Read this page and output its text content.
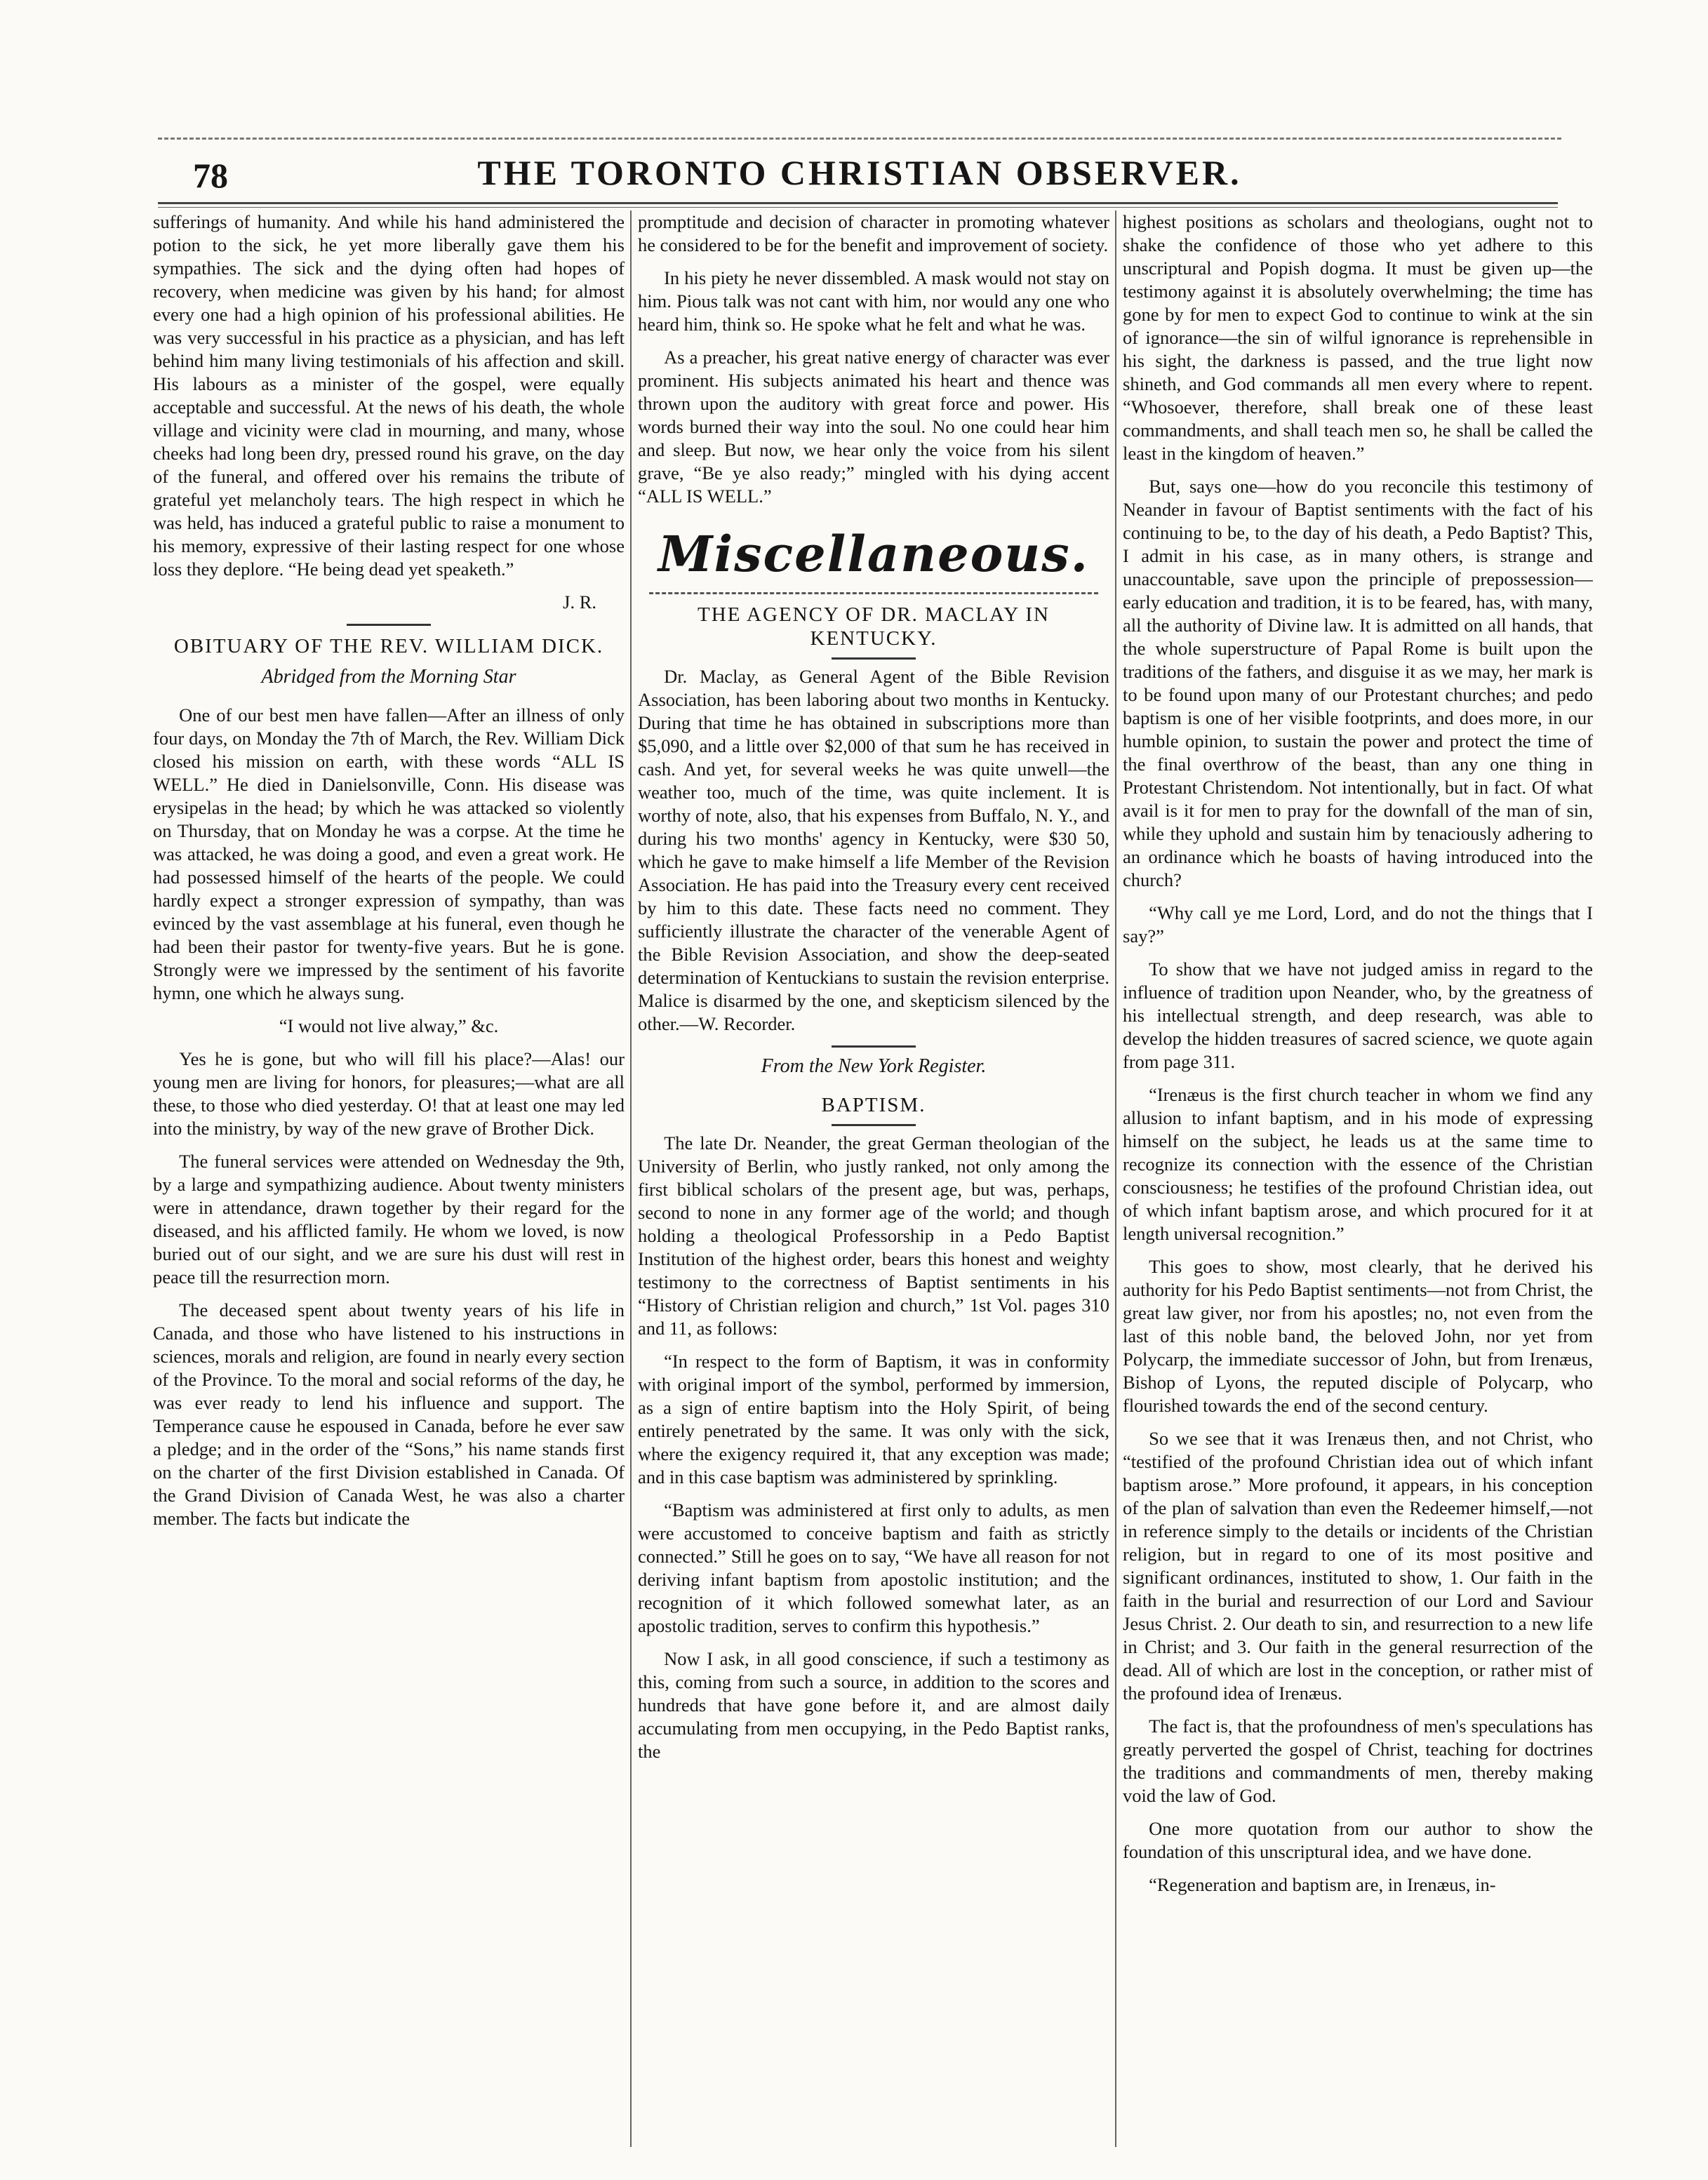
78	THE TORONTO CHRISTIAN OBSERVER.

sufferings of humanity. And while his hand administered the potion to the sick, he yet more liberally gave them his sympathies. The sick and the dying often had hopes of recovery, when medicine was given by his hand; for almost every one had a high opinion of his professional abilities. He was very successful in his practice as a physician, and has left behind him many living testimonials of his affection and skill. His labours as a minister of the gospel, were equally acceptable and successful. At the news of his death, the whole village and vicinity were clad in mourning, and many, whose cheeks had long been dry, pressed round his grave, on the day of the funeral, and offered over his remains the tribute of grateful yet melancholy tears. The high respect in which he was held, has induced a grateful public to raise a monument to his memory, expressive of their lasting respect for one whose loss they deplore. “He being dead yet speaketh.”

J. R.

OBITUARY OF THE REV. WILLIAM DICK.
Abridged from the Morning Star

One of our best men have fallen—After an illness of only four days, on Monday the 7th of March, the Rev. William Dick closed his mission on earth, with these words “ALL IS WELL.” He died in Danielsonville, Conn. His disease was erysipelas in the head; by which he was attacked so violently on Thursday, that on Monday he was a corpse. At the time he was attacked, he was doing a good, and even a great work. He had possessed himself of the hearts of the people. We could hardly expect a stronger expression of sympathy, than was evinced by the vast assemblage at his funeral, even though he had been their pastor for twenty-five years. But he is gone. Strongly were we impressed by the sentiment of his favorite hymn, one which he always sung.

“I would not live alway,” &c.

Yes he is gone, but who will fill his place?—Alas! our young men are living for honors, for pleasures;—what are all these, to those who died yesterday. O! that at least one may led into the ministry, by way of the new grave of Brother Dick.

The funeral services were attended on Wednesday the 9th, by a large and sympathizing audience. About twenty ministers were in attendance, drawn together by their regard for the diseased, and his afflicted family. He whom we loved, is now buried out of our sight, and we are sure his dust will rest in peace till the resurrection morn.

The deceased spent about twenty years of his life in Canada, and those who have listened to his instructions in sciences, morals and religion, are found in nearly every section of the Province. To the moral and social reforms of the day, he was ever ready to lend his influence and support. The Temperance cause he espoused in Canada, before he ever saw a pledge; and in the order of the “Sons,” his name stands first on the charter of the first Division established in Canada. Of the Grand Division of Canada West, he was also a charter member. The facts but indicate the

promptitude and decision of character in promoting whatever he considered to be for the benefit and improvement of society.

In his piety he never dissembled. A mask would not stay on him. Pious talk was not cant with him, nor would any one who heard him, think so. He spoke what he felt and what he was.

As a preacher, his great native energy of character was ever prominent. His subjects animated his heart and thence was thrown upon the auditory with great force and power. His words burned their way into the soul. No one could hear him and sleep. But now, we hear only the voice from his silent grave, “Be ye also ready;” mingled with his dying accent “ALL IS WELL.”

Miscellaneous.
THE AGENCY OF DR. MACLAY IN KENTUCKY.

Dr. Maclay, as General Agent of the Bible Revision Association, has been laboring about two months in Kentucky. During that time he has obtained in subscriptions more than $5,090, and a little over $2,000 of that sum he has received in cash. And yet, for several weeks he was quite unwell—the weather too, much of the time, was quite inclement. It is worthy of note, also, that his expenses from Buffalo, N. Y., and during his two months' agency in Kentucky, were $30 50, which he gave to make himself a life Member of the Revision Association. He has paid into the Treasury every cent received by him to this date. These facts need no comment. They sufficiently illustrate the character of the venerable Agent of the Bible Revision Association, and show the deep-seated determination of Kentuckians to sustain the revision enterprise. Malice is disarmed by the one, and skepticism silenced by the other.—W. Recorder.

From the New York Register.
BAPTISM.

The late Dr. Neander, the great German theologian of the University of Berlin, who justly ranked, not only among the first biblical scholars of the present age, but was, perhaps, second to none in any former age of the world; and though holding a theological Professorship in a Pedo Baptist Institution of the highest order, bears this honest and weighty testimony to the correctness of Baptist sentiments in his “History of Christian religion and church,” 1st Vol. pages 310 and 11, as follows:

“In respect to the form of Baptism, it was in conformity with original import of the symbol, performed by immersion, as a sign of entire baptism into the Holy Spirit, of being entirely penetrated by the same. It was only with the sick, where the exigency required it, that any exception was made; and in this case baptism was administered by sprinkling.

“Baptism was administered at first only to adults, as men were accustomed to conceive baptism and faith as strictly connected.” Still he goes on to say, “We have all reason for not deriving infant baptism from apostolic institution; and the recognition of it which followed somewhat later, as an apostolic tradition, serves to confirm this hypothesis.”

Now I ask, in all good conscience, if such a testimony as this, coming from such a source, in addition to the scores and hundreds that have gone before it, and are almost daily accumulating from men occupying, in the Pedo Baptist ranks, the

highest positions as scholars and theologians, ought not to shake the confidence of those who yet adhere to this unscriptural and Popish dogma. It must be given up—the testimony against it is absolutely overwhelming; the time has gone by for men to expect God to continue to wink at the sin of ignorance—the sin of wilful ignorance is reprehensible in his sight, the darkness is passed, and the true light now shineth, and God commands all men every where to repent. “Whosoever, therefore, shall break one of these least commandments, and shall teach men so, he shall be called the least in the kingdom of heaven.”

But, says one—how do you reconcile this testimony of Neander in favour of Baptist sentiments with the fact of his continuing to be, to the day of his death, a Pedo Baptist? This, I admit in his case, as in many others, is strange and unaccountable, save upon the principle of prepossession—early education and tradition, it is to be feared, has, with many, all the authority of Divine law. It is admitted on all hands, that the whole superstructure of Papal Rome is built upon the traditions of the fathers, and disguise it as we may, her mark is to be found upon many of our Protestant churches; and pedo baptism is one of her visible footprints, and does more, in our humble opinion, to sustain the power and protect the time of the final overthrow of the beast, than any one thing in Protestant Christendom. Not intentionally, but in fact. Of what avail is it for men to pray for the downfall of the man of sin, while they uphold and sustain him by tenaciously adhering to an ordinance which he boasts of having introduced into the church?

“Why call ye me Lord, Lord, and do not the things that I say?”

To show that we have not judged amiss in regard to the influence of tradition upon Neander, who, by the greatness of his intellectual strength, and deep research, was able to develop the hidden treasures of sacred science, we quote again from page 311.

“Irenæus is the first church teacher in whom we find any allusion to infant baptism, and in his mode of expressing himself on the subject, he leads us at the same time to recognize its connection with the essence of the Christian consciousness; he testifies of the profound Christian idea, out of which infant baptism arose, and which procured for it at length universal recognition.”

This goes to show, most clearly, that he derived his authority for his Pedo Baptist sentiments—not from Christ, the great law giver, nor from his apostles; no, not even from the last of this noble band, the beloved John, nor yet from Polycarp, the immediate successor of John, but from Irenæus, Bishop of Lyons, the reputed disciple of Polycarp, who flourished towards the end of the second century.

So we see that it was Irenæus then, and not Christ, who “testified of the profound Christian idea out of which infant baptism arose.” More profound, it appears, in his conception of the plan of salvation than even the Redeemer himself,—not in reference simply to the details or incidents of the Christian religion, but in regard to one of its most positive and significant ordinances, instituted to show, 1. Our faith in the faith in the burial and resurrection of our Lord and Saviour Jesus Christ. 2. Our death to sin, and resurrection to a new life in Christ; and 3. Our faith in the general resurrection of the dead. All of which are lost in the conception, or rather mist of the profound idea of Irenæus.

The fact is, that the profoundness of men's speculations has greatly perverted the gospel of Christ, teaching for doctrines the traditions and commandments of men, thereby making void the law of God.

One more quotation from our author to show the foundation of this unscriptural idea, and we have done.

“Regeneration and baptism are, in Irenæus, in-
